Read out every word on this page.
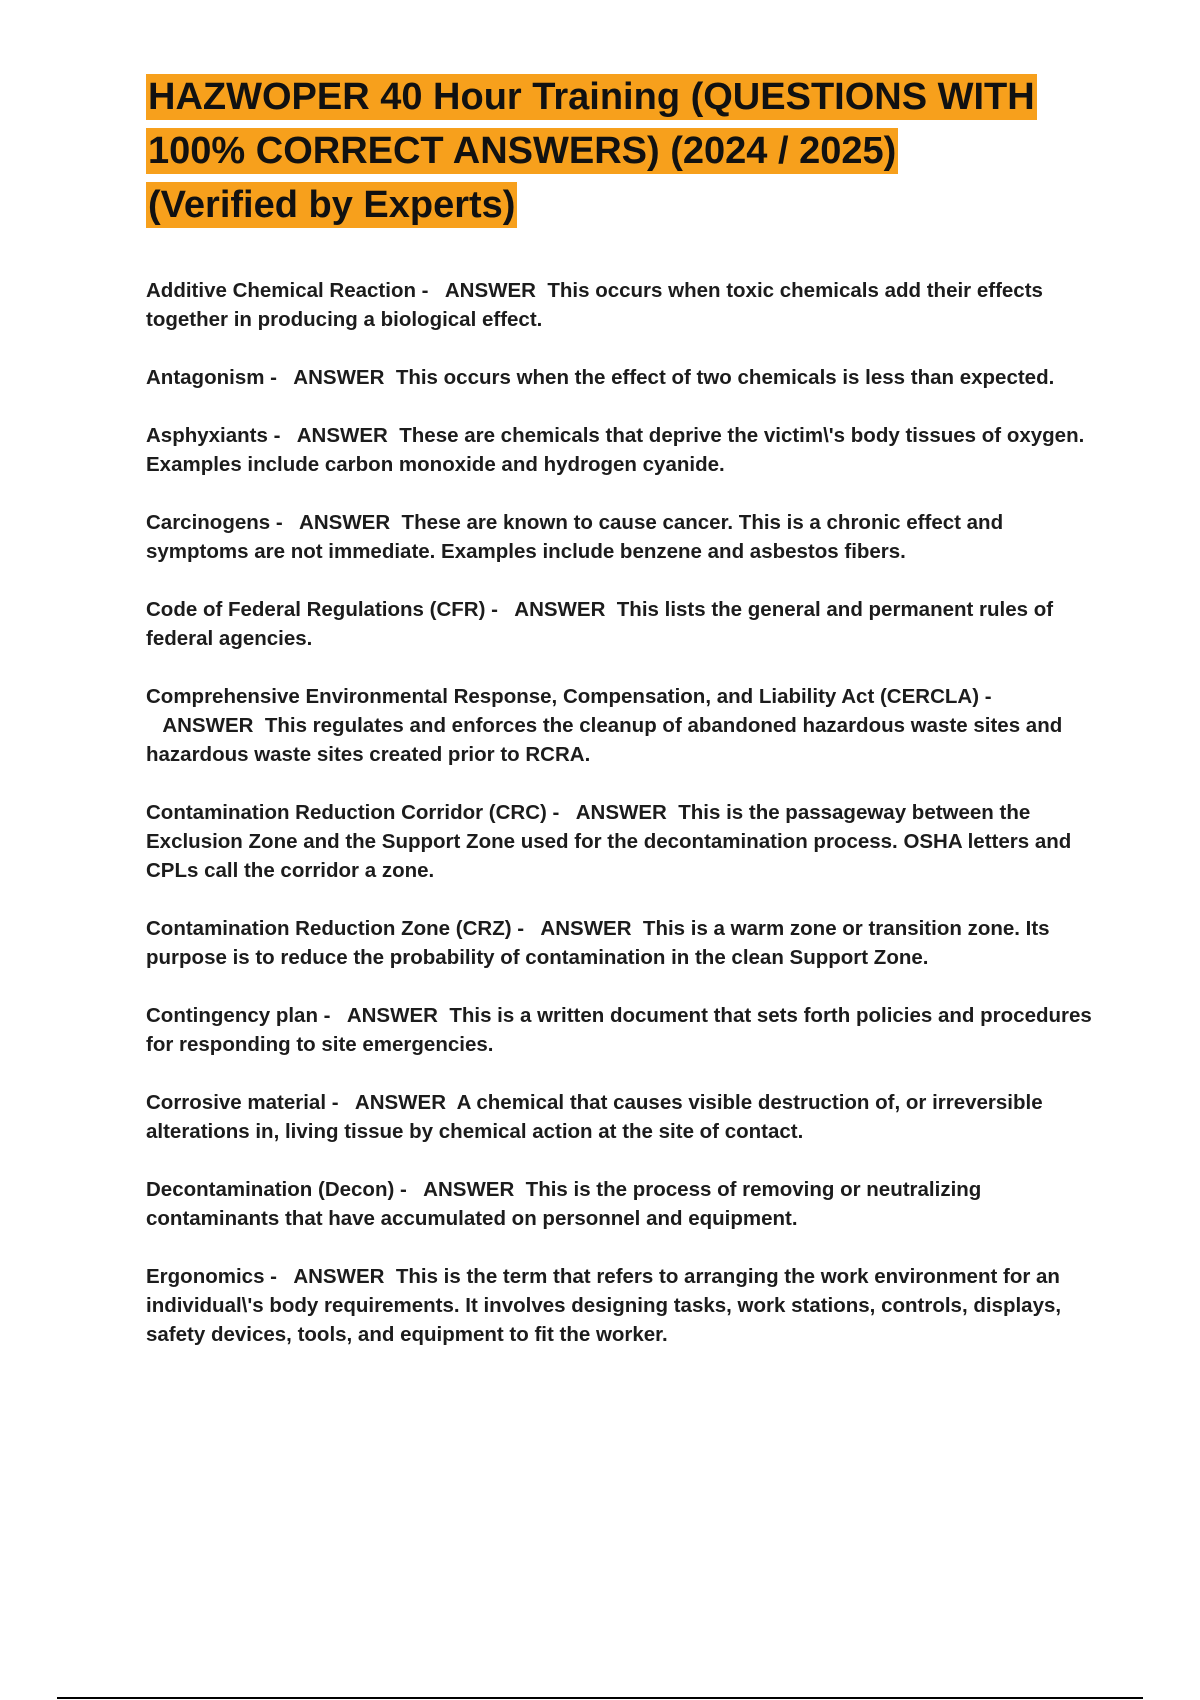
HAZWOPER 40 Hour Training (QUESTIONS WITH
100% CORRECT ANSWERS) (2024 / 2025)
(Verified by Experts)

Additive Chemical Reaction - ANSWER This occurs when toxic chemicals add their effects together in producing a biological effect.

Antagonism - ANSWER This occurs when the effect of two chemicals is less than expected.

Asphyxiants - ANSWER These are chemicals that deprive the victim\'s body tissues of oxygen. Examples include carbon monoxide and hydrogen cyanide.

Carcinogens - ANSWER These are known to cause cancer. This is a chronic effect and symptoms are not immediate. Examples include benzene and asbestos fibers.

Code of Federal Regulations (CFR) - ANSWER This lists the general and permanent rules of federal agencies.

Comprehensive Environmental Response, Compensation, and Liability Act (CERCLA) -   ANSWER This regulates and enforces the cleanup of abandoned hazardous waste sites and hazardous waste sites created prior to RCRA.

Contamination Reduction Corridor (CRC) - ANSWER This is the passageway between the Exclusion Zone and the Support Zone used for the decontamination process. OSHA letters and CPLs call the corridor a zone.

Contamination Reduction Zone (CRZ) - ANSWER This is a warm zone or transition zone. Its purpose is to reduce the probability of contamination in the clean Support Zone.

Contingency plan - ANSWER This is a written document that sets forth policies and procedures for responding to site emergencies.

Corrosive material - ANSWER A chemical that causes visible destruction of, or irreversible alterations in, living tissue by chemical action at the site of contact.

Decontamination (Decon) - ANSWER This is the process of removing or neutralizing contaminants that have accumulated on personnel and equipment.

Ergonomics - ANSWER This is the term that refers to arranging the work environment for an individual\'s body requirements. It involves designing tasks, work stations, controls, displays, safety devices, tools, and equipment to fit the worker.
